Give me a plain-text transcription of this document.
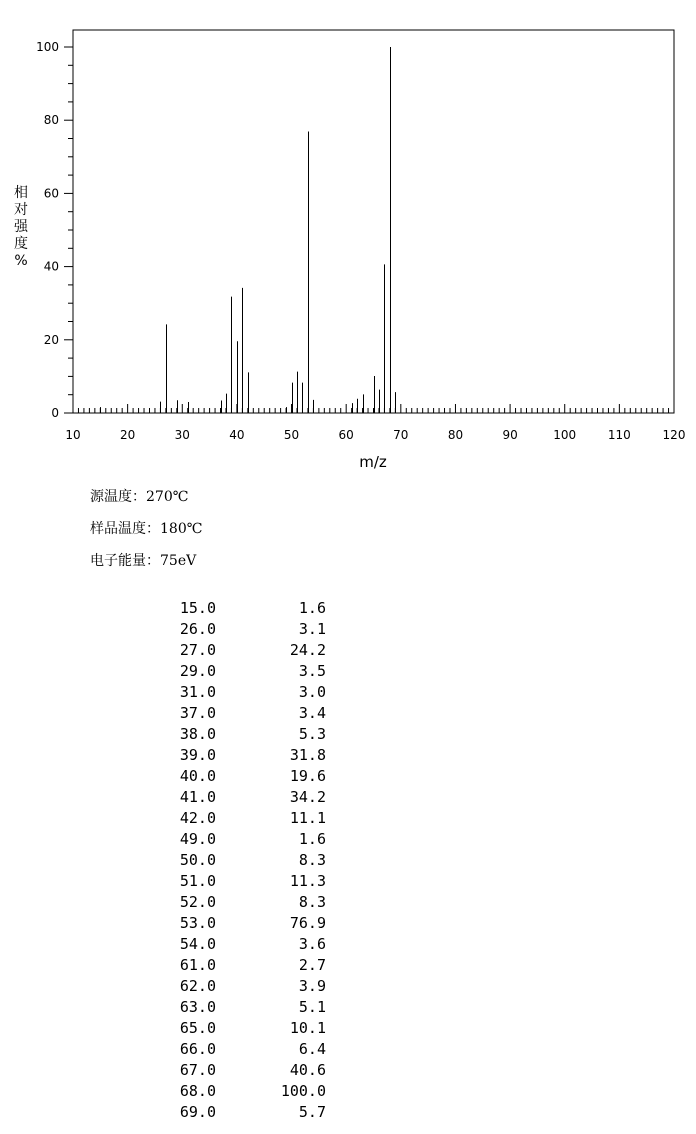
10	20	30	40	50	60	70	80	90	100	110	120
0
20
40
60
80
100
m/z
相
对
强
度
%
源温度：270℃
样品温度：180℃
电子能量：75eV
15.0	1.6
26.0	3.1
27.0	24.2
29.0	3.5
31.0	3.0
37.0	3.4
38.0	5.3
39.0	31.8
40.0	19.6
41.0	34.2
42.0	11.1
49.0	1.6
50.0	8.3
51.0	11.3
52.0	8.3
53.0	76.9
54.0	3.6
61.0	2.7
62.0	3.9
63.0	5.1
65.0	10.1
66.0	6.4
67.0	40.6
68.0	100.0
69.0	5.7
